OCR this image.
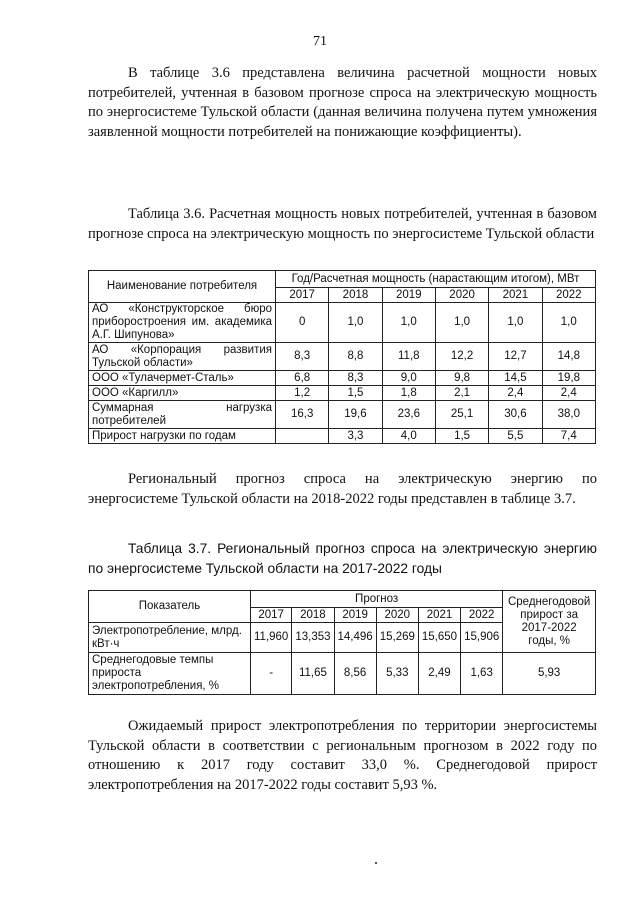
71
В таблице 3.6 представлена величина расчетной мощности новых потребителей, учтенная в базовом прогнозе спроса на электрическую мощность по энергосистеме Тульской области (данная величина получена путем умножения заявленной мощности потребителей на понижающие коэффициенты).
Таблица 3.6. Расчетная мощность новых потребителей, учтенная в базовом прогнозе спроса на электрическую мощность по энергосистеме Тульской области
Наименование потребителя	Год/Расчетная мощность (нарастающим итогом), МВт					
	2017	2018	2019	2020	2021	2022
АО «Конструкторское бюро приборостроения им. академика А.Г. Шипунова»	0	1,0	1,0	1,0	1,0	1,0
АО «Корпорация развития Тульской области»	8,3	8,8	11,8	12,2	12,7	14,8
ООО «Тулачермет-Сталь»	6,8	8,3	9,0	9,8	14,5	19,8
ООО «Каргилл»	1,2	1,5	1,8	2,1	2,4	2,4
Суммарная нагрузка потребителей	16,3	19,6	23,6	25,1	30,6	38,0
Прирост нагрузки по годам		3,3	4,0	1,5	5,5	7,4
Региональный прогноз спроса на электрическую энергию по энергосистеме Тульской области на 2018-2022 годы представлен в таблице 3.7.
Таблица 3.7. Региональный прогноз спроса на электрическую энергию по энергосистеме Тульской области на 2017-2022 годы
Показатель	Прогноз						Среднегодовой прирост за 2017-2022 годы, %
	2017	2018	2019	2020	2021	2022	
Электропотребление, млрд. кВт·ч	11,960	13,353	14,496	15,269	15,650	15,906	
Среднегодовые темпы прироста электропотребления, %	-	11,65	8,56	5,33	2,49	1,63	5,93
Ожидаемый прирост электропотребления по территории энергосистемы Тульской области в соответствии с региональным прогнозом в 2022 году по отношению к 2017 году составит 33,0 %. Среднегодовой прирост электропотребления на 2017-2022 годы составит 5,93 %.
